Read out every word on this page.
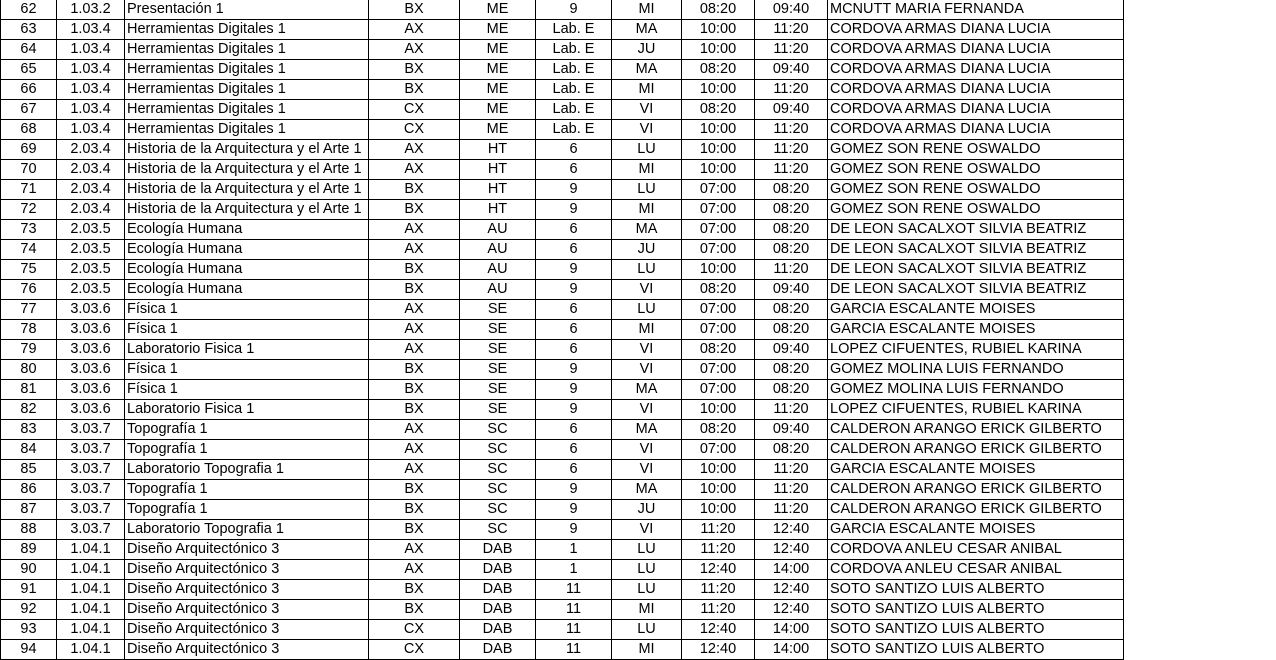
62	1.03.2	Presentación 1	BX	ME	9	MI	08:20	09:40	MCNUTT MARIA FERNANDA
63	1.03.4	Herramientas Digitales 1	AX	ME	Lab. E	MA	10:00	11:20	CORDOVA ARMAS DIANA LUCIA
64	1.03.4	Herramientas Digitales 1	AX	ME	Lab. E	JU	10:00	11:20	CORDOVA ARMAS DIANA LUCIA
65	1.03.4	Herramientas Digitales 1	BX	ME	Lab. E	MA	08:20	09:40	CORDOVA ARMAS DIANA LUCIA
66	1.03.4	Herramientas Digitales 1	BX	ME	Lab. E	MI	10:00	11:20	CORDOVA ARMAS DIANA LUCIA
67	1.03.4	Herramientas Digitales 1	CX	ME	Lab. E	VI	08:20	09:40	CORDOVA ARMAS DIANA LUCIA
68	1.03.4	Herramientas Digitales 1	CX	ME	Lab. E	VI	10:00	11:20	CORDOVA ARMAS DIANA LUCIA
69	2.03.4	Historia de la Arquitectura y el Arte 1	AX	HT	6	LU	10:00	11:20	GOMEZ SON RENE OSWALDO
70	2.03.4	Historia de la Arquitectura y el Arte 1	AX	HT	6	MI	10:00	11:20	GOMEZ SON RENE OSWALDO
71	2.03.4	Historia de la Arquitectura y el Arte 1	BX	HT	9	LU	07:00	08:20	GOMEZ SON RENE OSWALDO
72	2.03.4	Historia de la Arquitectura y el Arte 1	BX	HT	9	MI	07:00	08:20	GOMEZ SON RENE OSWALDO
73	2.03.5	Ecología Humana	AX	AU	6	MA	07:00	08:20	DE LEON SACALXOT SILVIA BEATRIZ
74	2.03.5	Ecología Humana	AX	AU	6	JU	07:00	08:20	DE LEON SACALXOT SILVIA BEATRIZ
75	2.03.5	Ecología Humana	BX	AU	9	LU	10:00	11:20	DE LEON SACALXOT SILVIA BEATRIZ
76	2.03.5	Ecología Humana	BX	AU	9	VI	08:20	09:40	DE LEON SACALXOT SILVIA BEATRIZ
77	3.03.6	Física 1	AX	SE	6	LU	07:00	08:20	GARCIA ESCALANTE MOISES
78	3.03.6	Física 1	AX	SE	6	MI	07:00	08:20	GARCIA ESCALANTE MOISES
79	3.03.6	Laboratorio Fisica 1	AX	SE	6	VI	08:20	09:40	LOPEZ CIFUENTES, RUBIEL KARINA
80	3.03.6	Física 1	BX	SE	9	VI	07:00	08:20	GOMEZ MOLINA LUIS FERNANDO
81	3.03.6	Física 1	BX	SE	9	MA	07:00	08:20	GOMEZ MOLINA LUIS FERNANDO
82	3.03.6	Laboratorio Fisica 1	BX	SE	9	VI	10:00	11:20	LOPEZ CIFUENTES, RUBIEL KARINA
83	3.03.7	Topografía 1	AX	SC	6	MA	08:20	09:40	CALDERON ARANGO ERICK GILBERTO
84	3.03.7	Topografía 1	AX	SC	6	VI	07:00	08:20	CALDERON ARANGO ERICK GILBERTO
85	3.03.7	Laboratorio Topografia 1	AX	SC	6	VI	10:00	11:20	GARCIA ESCALANTE MOISES
86	3.03.7	Topografía 1	BX	SC	9	MA	10:00	11:20	CALDERON ARANGO ERICK GILBERTO
87	3.03.7	Topografía 1	BX	SC	9	JU	10:00	11:20	CALDERON ARANGO ERICK GILBERTO
88	3.03.7	Laboratorio Topografia 1	BX	SC	9	VI	11:20	12:40	GARCIA ESCALANTE MOISES
89	1.04.1	Diseño Arquitectónico 3	AX	DAB	1	LU	11:20	12:40	CORDOVA ANLEU CESAR ANIBAL
90	1.04.1	Diseño Arquitectónico 3	AX	DAB	1	LU	12:40	14:00	CORDOVA ANLEU CESAR ANIBAL
91	1.04.1	Diseño Arquitectónico 3	BX	DAB	11	LU	11:20	12:40	SOTO SANTIZO LUIS ALBERTO
92	1.04.1	Diseño Arquitectónico 3	BX	DAB	11	MI	11:20	12:40	SOTO SANTIZO LUIS ALBERTO
93	1.04.1	Diseño Arquitectónico 3	CX	DAB	11	LU	12:40	14:00	SOTO SANTIZO LUIS ALBERTO
94	1.04.1	Diseño Arquitectónico 3	CX	DAB	11	MI	12:40	14:00	SOTO SANTIZO LUIS ALBERTO
